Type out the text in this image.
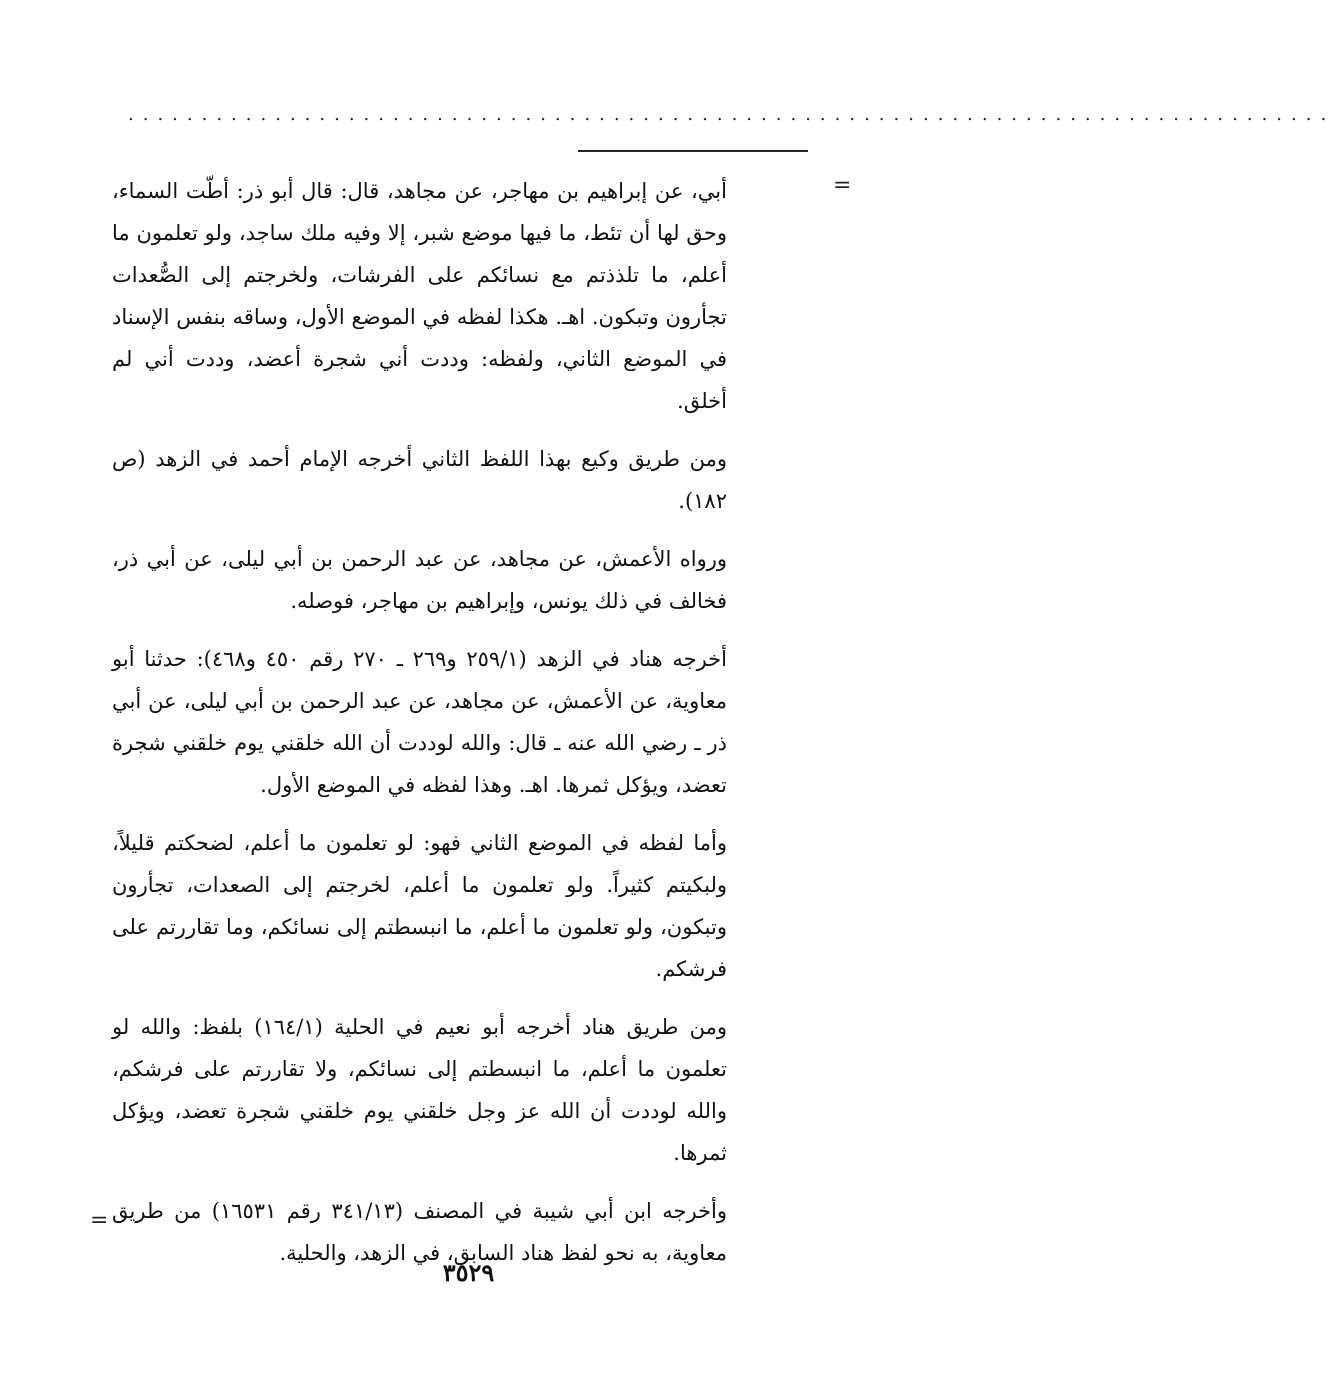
..................................................................................
=

أبي، عن إبراهيم بن مهاجر، عن مجاهد، قال: قال أبو ذر: أطّت السماء، وحق لها أن تئط، ما فيها موضع شبر، إلا وفيه ملك ساجد، ولو تعلمون ما أعلم، ما تلذذتم مع نسائكم على الفرشات، ولخرجتم إلى الصُّعدات تجأرون وتبكون. اهـ. هكذا لفظه في الموضع الأول، وساقه بنفس الإسناد في الموضع الثاني، ولفظه: وددت أني شجرة أعضد، وددت أني لم أخلق.

ومن طريق وكيع بهذا اللفظ الثاني أخرجه الإمام أحمد في الزهد (ص ١٨٢).

ورواه الأعمش، عن مجاهد، عن عبد الرحمن بن أبي ليلى، عن أبي ذر، فخالف في ذلك يونس، وإبراهيم بن مهاجر، فوصله.

أخرجه هناد في الزهد (٢٥٩/١ و٢٦٩ ـ ٢٧٠ رقم ٤٥٠ و٤٦٨): حدثنا أبو معاوية، عن الأعمش، عن مجاهد، عن عبد الرحمن بن أبي ليلى، عن أبي ذر ـ رضي الله عنه ـ قال: والله لوددت أن الله خلقني يوم خلقني شجرة تعضد، ويؤكل ثمرها. اهـ. وهذا لفظه في الموضع الأول.

وأما لفظه في الموضع الثاني فهو: لو تعلمون ما أعلم، لضحكتم قليلاً، ولبكيتم كثيراً. ولو تعلمون ما أعلم، لخرجتم إلى الصعدات، تجأرون وتبكون، ولو تعلمون ما أعلم، ما انبسطتم إلى نسائكم، وما تقاررتم على فرشكم.

ومن طريق هناد أخرجه أبو نعيم في الحلية (١٦٤/١) بلفظ: والله لو تعلمون ما أعلم، ما انبسطتم إلى نسائكم، ولا تقاررتم على فرشكم، والله لوددت أن الله عز وجل خلقني يوم خلقني شجرة تعضد، ويؤكل ثمرها.

وأخرجه ابن أبي شيبة في المصنف (٣٤١/١٣ رقم ١٦٥٣١) من طريق معاوية، به نحو لفظ هناد السابق، في الزهد، والحلية.

=
٣٥٢٩
